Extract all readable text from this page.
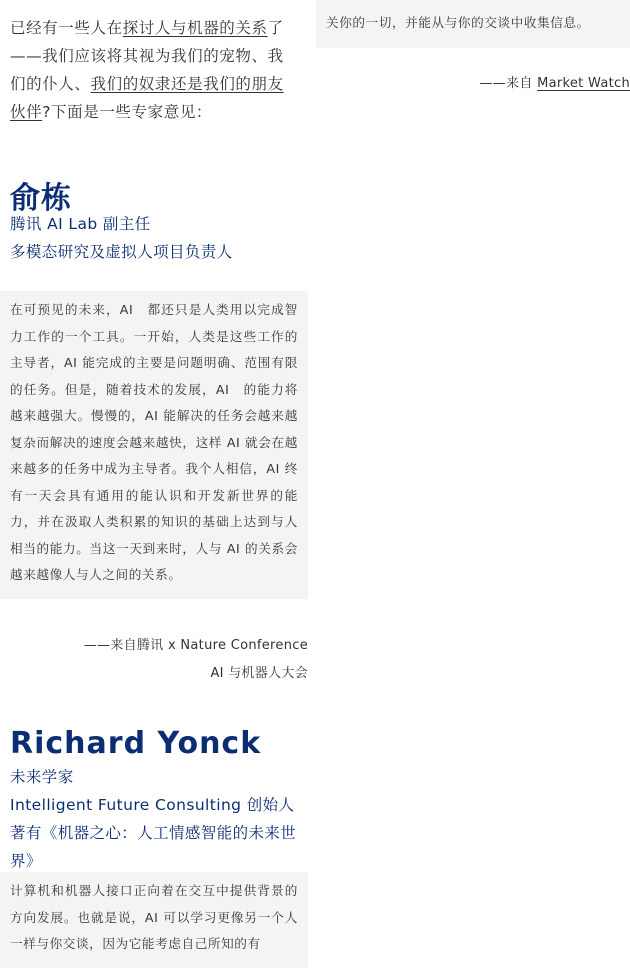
已经有一些人在探讨人与机器的关系了——我们应该将其视为我们的宠物、我们的仆人、我们的奴隶还是我们的朋友伙伴?下面是一些专家意见：
俞栋
腾讯 AI Lab 副主任
多模态研究及虚拟人项目负责人
在可预见的未来，AI　都还只是人类用以完成智力工作的一个工具。一开始，人类是这些工作的主导者，AI 能完成的主要是问题明确、范围有限的任务。但是，随着技术的发展，AI　的能力将越来越强大。慢慢的，AI 能解决的任务会越来越复杂而解决的速度会越来越快，这样 AI 就会在越来越多的任务中成为主导者。我个人相信，AI 终有一天会具有通用的能认识和开发新世界的能力，并在汲取人类积累的知识的基础上达到与人相当的能力。当这一天到来时，人与 AI 的关系会越来越像人与人之间的关系。
——来自腾讯 x Nature Conference
AI 与机器人大会
Richard Yonck
未来学家
Intelligent Future Consulting 创始人
著有《机器之心：人工情感智能的未来世界》
计算机和机器人接口正向着在交互中提供背景的方向发展。也就是说，AI 可以学习更像另一个人一样与你交谈，因为它能考虑自己所知的有
关你的一切，并能从与你的交谈中收集信息。
——来自 Market Watch
